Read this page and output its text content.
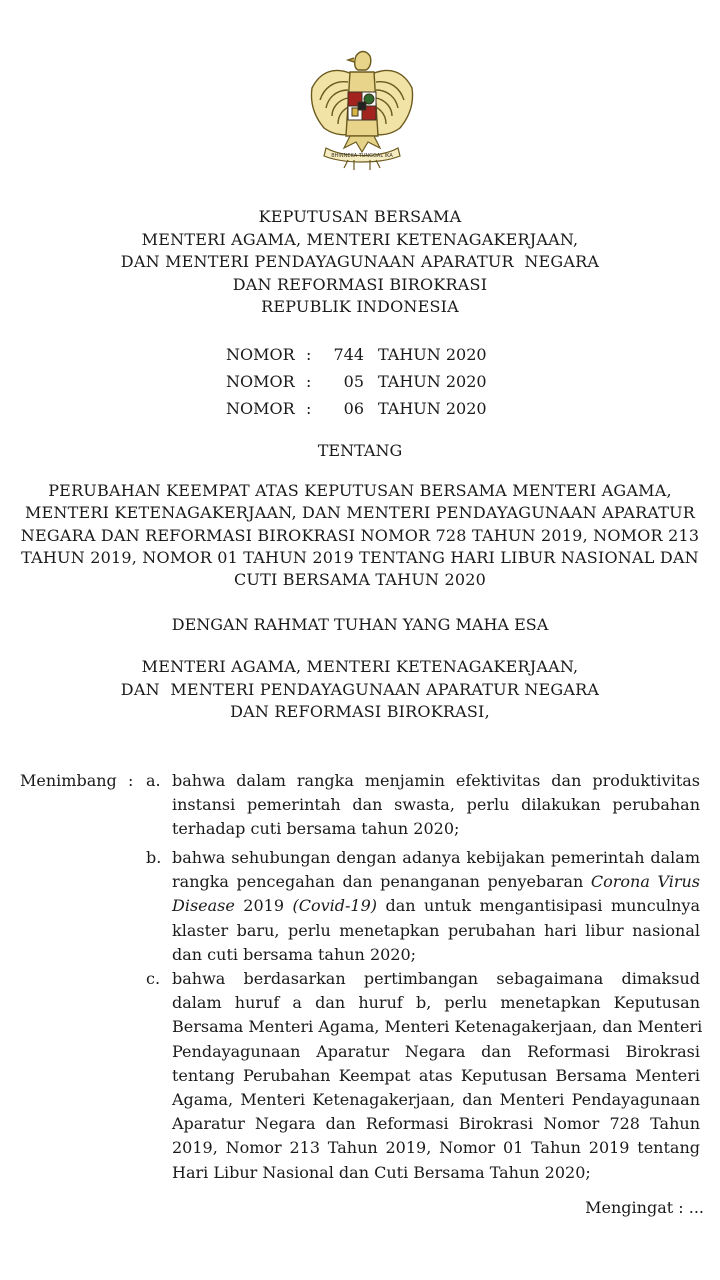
BHINNEKA TUNGGAL IKA
KEPUTUSAN BERSAMA
MENTERI AGAMA, MENTERI KETENAGAKERJAAN,
DAN MENTERI PENDAYAGUNAAN APARATUR  NEGARA
DAN REFORMASI BIROKRASI
REPUBLIK INDONESIA
NOMOR :	744 TAHUN 2020
NOMOR :	05 TAHUN 2020
NOMOR :	06 TAHUN 2020
TENTANG
PERUBAHAN KEEMPAT ATAS KEPUTUSAN BERSAMA MENTERI AGAMA,
MENTERI KETENAGAKERJAAN, DAN MENTERI PENDAYAGUNAAN APARATUR
NEGARA DAN REFORMASI BIROKRASI NOMOR 728 TAHUN 2019, NOMOR 213
TAHUN 2019, NOMOR 01 TAHUN 2019 TENTANG HARI LIBUR NASIONAL DAN
CUTI BERSAMA TAHUN 2020
DENGAN RAHMAT TUHAN YANG MAHA ESA
MENTERI AGAMA, MENTERI KETENAGAKERJAAN,
DAN  MENTERI PENDAYAGUNAAN APARATUR NEGARA
DAN REFORMASI BIROKRASI,
Menimbang : a. bahwa dalam rangka menjamin efektivitas dan produktivitas
instansi pemerintah dan swasta, perlu dilakukan perubahan
terhadap cuti bersama tahun 2020;
b. bahwa sehubungan dengan adanya kebijakan pemerintah dalam
rangka pencegahan dan penanganan penyebaran Corona Virus
Disease 2019 (Covid-19) dan untuk mengantisipasi munculnya
klaster baru, perlu menetapkan perubahan hari libur nasional
dan cuti bersama tahun 2020;
c. bahwa berdasarkan pertimbangan sebagaimana dimaksud
dalam huruf a dan huruf b, perlu menetapkan Keputusan
Bersama Menteri Agama, Menteri Ketenagakerjaan, dan Menteri
Pendayagunaan Aparatur Negara dan Reformasi Birokrasi
tentang Perubahan Keempat atas Keputusan Bersama Menteri
Agama, Menteri Ketenagakerjaan, dan Menteri Pendayagunaan
Aparatur Negara dan Reformasi Birokrasi Nomor 728 Tahun
2019, Nomor 213 Tahun 2019, Nomor 01 Tahun 2019 tentang
Hari Libur Nasional dan Cuti Bersama Tahun 2020;
Mengingat : ...
